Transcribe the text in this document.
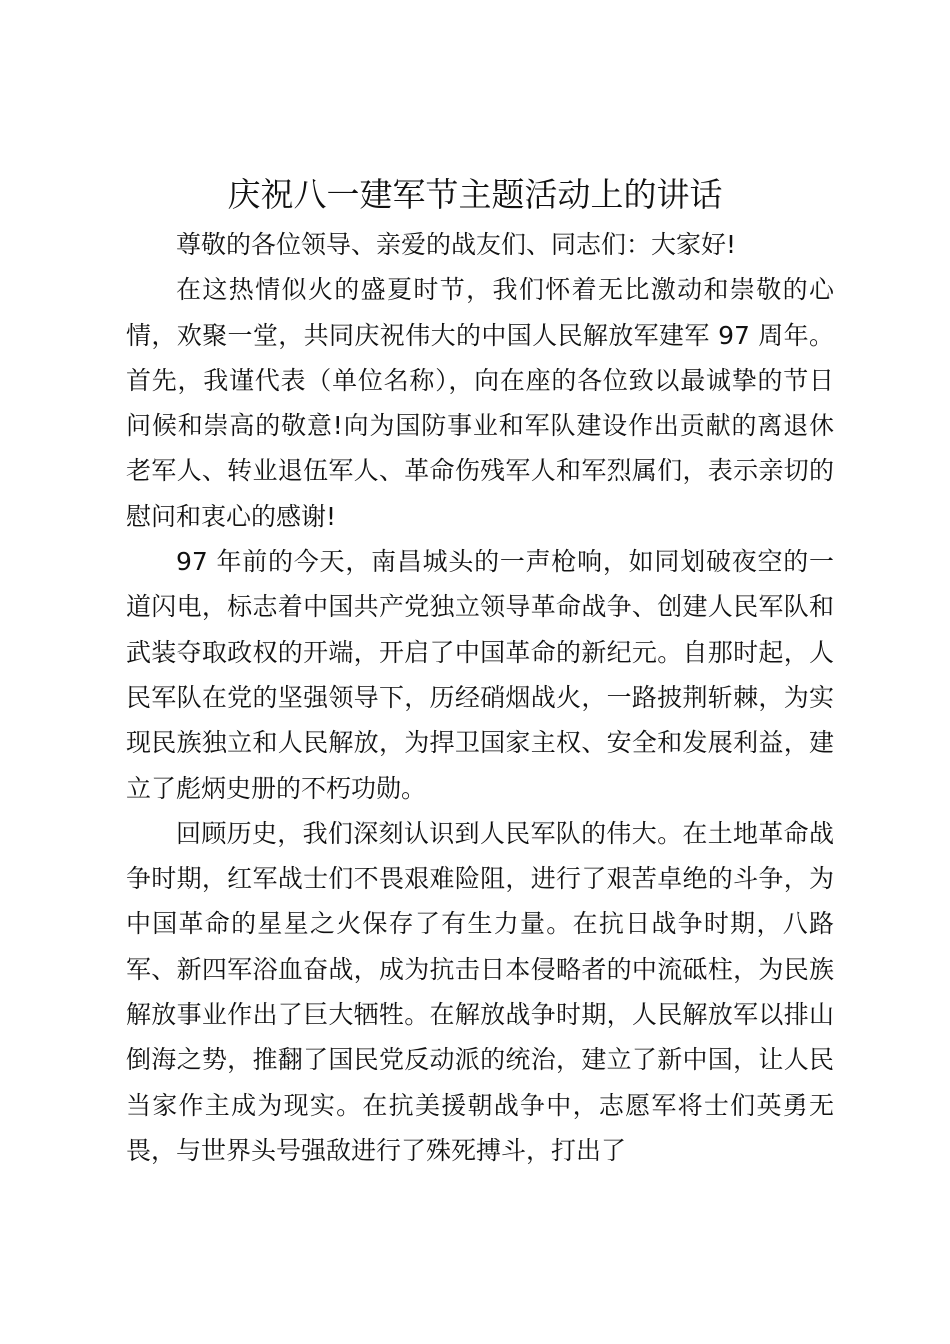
庆祝八一建军节主题活动上的讲话

尊敬的各位领导、亲爱的战友们、同志们：大家好!

在这热情似火的盛夏时节，我们怀着无比激动和崇敬的心情，欢聚一堂，共同庆祝伟大的中国人民解放军建军 97 周年。首先，我谨代表（单位名称），向在座的各位致以最诚挚的节日问候和崇高的敬意!向为国防事业和军队建设作出贡献的离退休老军人、转业退伍军人、革命伤残军人和军烈属们，表示亲切的慰问和衷心的感谢!

97 年前的今天，南昌城头的一声枪响，如同划破夜空的一道闪电，标志着中国共产党独立领导革命战争、创建人民军队和武装夺取政权的开端，开启了中国革命的新纪元。自那时起，人民军队在党的坚强领导下，历经硝烟战火，一路披荆斩棘，为实现民族独立和人民解放，为捍卫国家主权、安全和发展利益，建立了彪炳史册的不朽功勋。

回顾历史，我们深刻认识到人民军队的伟大。在土地革命战争时期，红军战士们不畏艰难险阻，进行了艰苦卓绝的斗争，为中国革命的星星之火保存了有生力量。在抗日战争时期，八路军、新四军浴血奋战，成为抗击日本侵略者的中流砥柱，为民族解放事业作出了巨大牺牲。在解放战争时期，人民解放军以排山倒海之势，推翻了国民党反动派的统治，建立了新中国，让人民当家作主成为现实。在抗美援朝战争中，志愿军将士们英勇无畏，与世界头号强敌进行了殊死搏斗，打出了
